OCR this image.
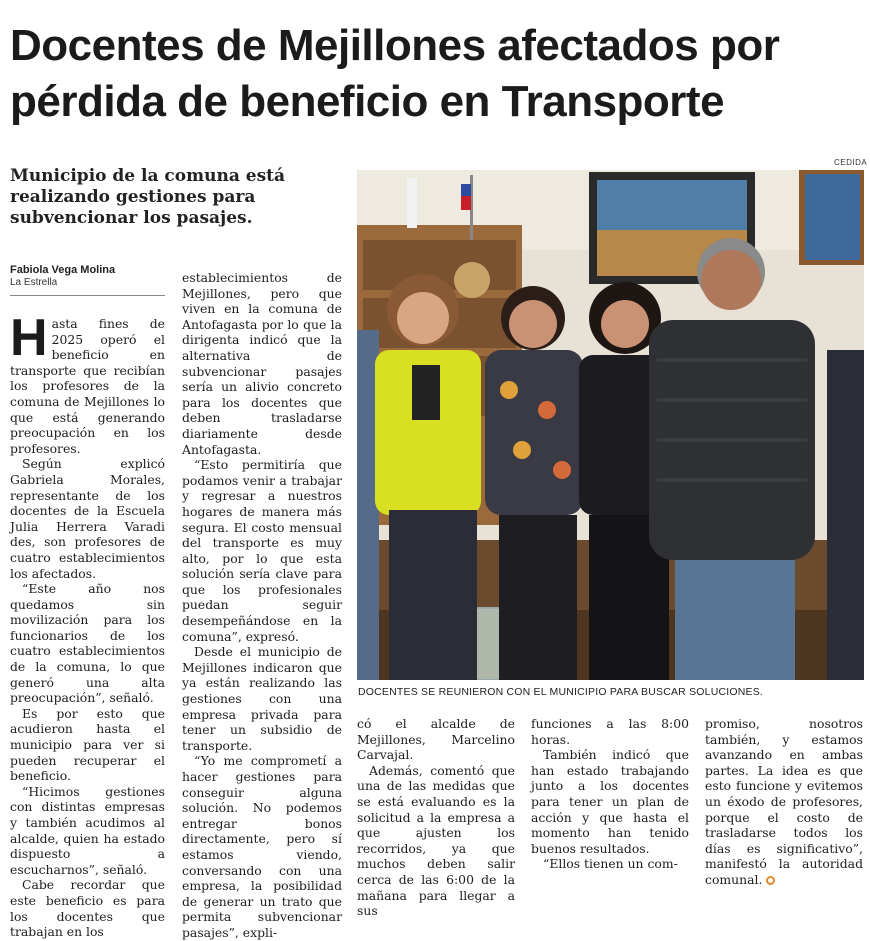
Docentes de Mejillones afectados por
pérdida de beneficio en Transporte
Municipio de la comuna está realizando gestiones para subvencionar los pasajes.
CEDIDA
DOCENTES SE REUNIERON CON EL MUNICIPIO PARA BUSCAR SOLUCIONES.
Fabiola Vega Molina
La Estrella

Hasta fines de 2025 operó el beneficio en transporte que recibían los profesores de la comuna de Mejillones lo que está generando preocupación en los profesores.

Según explicó Gabriela Morales, representante de los docentes de la Escuela Julia Herrera Varadi des, son profesores de cuatro establecimientos los afectados.

“Este año nos quedamos sin movilización para los funcionarios de los cuatro establecimientos de la comuna, lo que generó una alta preocupación”, señaló.

Es por esto que acudieron hasta el municipio para ver si pueden recuperar el beneficio.

“Hicimos gestiones con distintas empresas y también acudimos al alcalde, quien ha estado dispuesto a escucharnos”, señaló.

Cabe recordar que este beneficio es para los docentes que trabajan en los

establecimientos de Mejillones, pero que viven en la comuna de Antofagasta por lo que la dirigenta indicó que la alternativa de subvencionar pasajes sería un alivio concreto para los docentes que deben trasladarse diariamente desde Antofagasta.

“Esto permitiría que podamos venir a trabajar y regresar a nuestros hogares de manera más segura. El costo mensual del transporte es muy alto, por lo que esta solución sería clave para que los profesionales puedan seguir desempeñándose en la comuna”, expresó.

Desde el municipio de Mejillones indicaron que ya están realizando las gestiones con una empresa privada para tener un subsidio de transporte.

“Yo me comprometí a hacer gestiones para conseguir alguna solución. No podemos entregar bonos directamente, pero sí estamos viendo, conversando con una empresa, la posibilidad de generar un trato que permita subvencionar pasajes”, expli-

có el alcalde de Mejillones, Marcelino Carvajal.

Además, comentó que una de las medidas que se está evaluando es la solicitud a la empresa a que ajusten los recorridos, ya que muchos deben salir cerca de las 6:00 de la mañana para llegar a sus

funciones a las 8:00 horas.

También indicó que han estado trabajando junto a los docentes para tener un plan de acción y que hasta el momento han tenido buenos resultados.

“Ellos tienen un com-

promiso, nosotros también, y estamos avanzando en ambas partes. La idea es que esto funcione y evitemos un éxodo de profesores, porque el costo de trasladarse todos los días es significativo”, manifestó la autoridad comunal.
